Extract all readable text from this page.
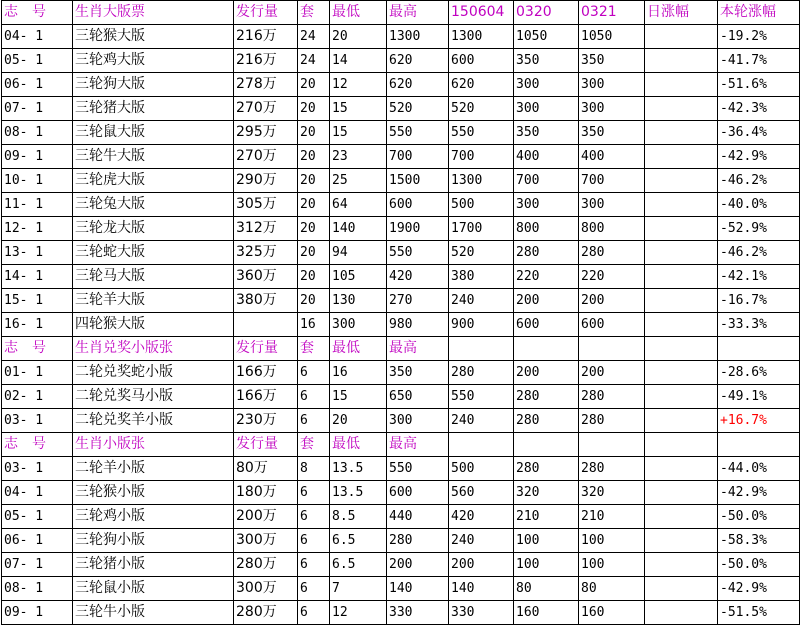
志　号	生肖大版票	发行量	套	最低	最高	150604	0320	0321	日涨幅	本轮涨幅
04- 1	三轮猴大版	216万	24	20	1300	1300	1050	1050		-19.2%
05- 1	三轮鸡大版	216万	24	14	620	600	350	350		-41.7%
06- 1	三轮狗大版	278万	20	12	620	620	300	300		-51.6%
07- 1	三轮猪大版	270万	20	15	520	520	300	300		-42.3%
08- 1	三轮鼠大版	295万	20	15	550	550	350	350		-36.4%
09- 1	三轮牛大版	270万	20	23	700	700	400	400		-42.9%
10- 1	三轮虎大版	290万	20	25	1500	1300	700	700		-46.2%
11- 1	三轮兔大版	305万	20	64	600	500	300	300		-40.0%
12- 1	三轮龙大版	312万	20	140	1900	1700	800	800		-52.9%
13- 1	三轮蛇大版	325万	20	94	550	520	280	280		-46.2%
14- 1	三轮马大版	360万	20	105	420	380	220	220		-42.1%
15- 1	三轮羊大版	380万	20	130	270	240	200	200		-16.7%
16- 1	四轮猴大版		16	300	980	900	600	600		-33.3%
志　号	生肖兑奖小版张	发行量	套	最低	最高					
01- 1	二轮兑奖蛇小版	166万	6	16	350	280	200	200		-28.6%
02- 1	二轮兑奖马小版	166万	6	15	650	550	280	280		-49.1%
03- 1	二轮兑奖羊小版	230万	6	20	300	240	280	280		+16.7%
志　号	生肖小版张	发行量	套	最低	最高					
03- 1	二轮羊小版	80万	8	13.5	550	500	280	280		-44.0%
04- 1	三轮猴小版	180万	6	13.5	600	560	320	320		-42.9%
05- 1	三轮鸡小版	200万	6	8.5	440	420	210	210		-50.0%
06- 1	三轮狗小版	300万	6	6.5	280	240	100	100		-58.3%
07- 1	三轮猪小版	280万	6	6.5	200	200	100	100		-50.0%
08- 1	三轮鼠小版	300万	6	7	140	140	80	80		-42.9%
09- 1	三轮牛小版	280万	6	12	330	330	160	160		-51.5%
